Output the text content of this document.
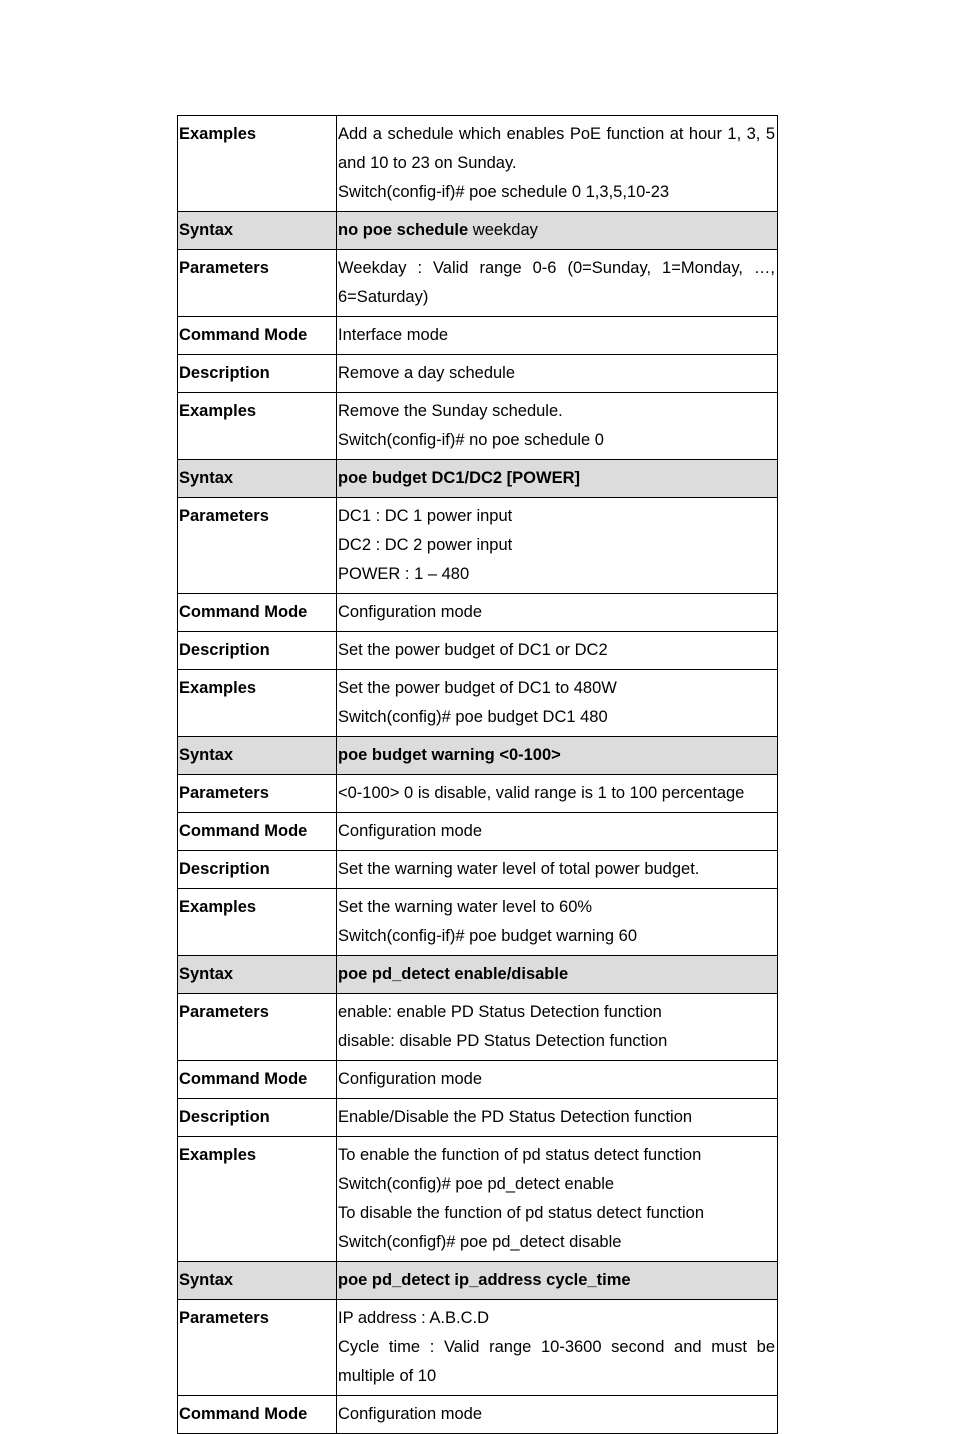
Examples	Add a schedule which enables PoE function at hour 1, 3, 5 and 10 to 23 on Sunday.
Switch(config-if)# poe schedule 0 1,3,5,10-23

Syntax	no poe schedule weekday
Parameters	Weekday : Valid range 0-6 (0=Sunday, 1=Monday, …, 6=Saturday)
Command Mode	Interface mode
Description	Remove a day schedule
Examples	Remove the Sunday schedule.
Switch(config-if)# no poe schedule 0

Syntax	poe budget DC1/DC2 [POWER]
Parameters	DC1 : DC 1 power input
DC2 : DC 2 power input
POWER : 1 – 480

Command Mode	Configuration mode
Description	Set the power budget of DC1 or DC2
Examples	Set the power budget of DC1 to 480W
Switch(config)# poe budget DC1 480

Syntax	poe budget warning <0-100>
Parameters	<0-100> 0 is disable, valid range is 1 to 100 percentage
Command Mode	Configuration mode
Description	Set the warning water level of total power budget.
Examples	Set the warning water level to 60%
Switch(config-if)# poe budget warning 60

Syntax	poe pd_detect enable/disable
Parameters	enable: enable PD Status Detection function
disable: disable PD Status Detection function

Command Mode	Configuration mode
Description	Enable/Disable the PD Status Detection function
Examples	To enable the function of pd status detect function
Switch(config)# poe pd_detect enable
To disable the function of pd status detect function
Switch(configf)# poe pd_detect disable

Syntax	poe pd_detect ip_address cycle_time
Parameters	IP address : A.B.C.D
Cycle time : Valid range 10-3600 second and must be multiple of 10

Command Mode	Configuration mode
